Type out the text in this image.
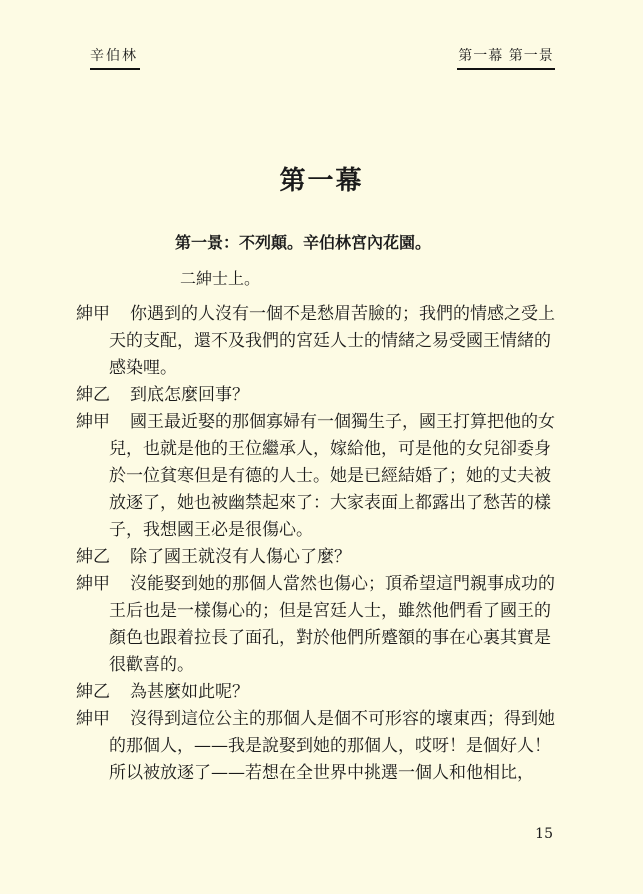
辛伯林	第一幕 第一景
第一幕
第一景：不列顛。辛伯林宮內花園。
二紳士上。
紳甲	你遇到的人沒有一個不是愁眉苦臉的；我們的情感之受上
天的支配，還不及我們的宮廷人士的情緒之易受國王情緒的
感染哩。
紳乙	到底怎麼回事？
紳甲	國王最近娶的那個寡婦有一個獨生子，國王打算把他的女
兒，也就是他的王位繼承人，嫁給他，可是他的女兒卻委身
於一位貧寒但是有德的人士。她是已經結婚了；她的丈夫被
放逐了，她也被幽禁起來了：大家表面上都露出了愁苦的樣
子，我想國王必是很傷心。
紳乙	除了國王就沒有人傷心了麼？
紳甲	沒能娶到她的那個人當然也傷心；頂希望這門親事成功的
王后也是一樣傷心的；但是宮廷人士，雖然他們看了國王的
顏色也跟着拉長了面孔，對於他們所蹙額的事在心裏其實是
很歡喜的。
紳乙	為甚麼如此呢？
紳甲	沒得到這位公主的那個人是個不可形容的壞東西；得到她
的那個人，——我是說娶到她的那個人，哎呀！是個好人！
所以被放逐了——若想在全世界中挑選一個人和他相比，
15
